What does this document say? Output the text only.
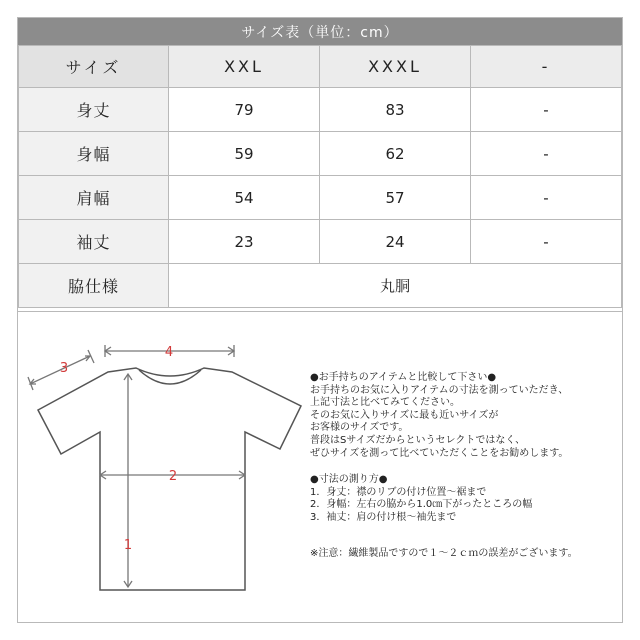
サイズ表（単位：cm）
サイズ	XXL	XXXL	-
身丈	79	83	-
身幅	59	62	-
肩幅	54	57	-
袖丈	23	24	-
脇仕様	丸胴		
4
2
1
3

●お手持ちのアイテムと比較して下さい●

お手持ちのお気に入りアイテムの寸法を測っていただき、

上記寸法と比べてみてください。

そのお気に入りサイズに最も近いサイズが

お客様のサイズです。

普段はSサイズだからというセレクトではなく、

ぜひサイズを測って比べていただくことをお勧めします。

●寸法の測り方●

1．身丈：襟のリブの付け位置～裾まで

2．身幅：左右の脇から1.0㎝下がったところの幅

3．袖丈：肩の付け根～袖先まで

※注意：繊維製品ですので１～２ｃｍの誤差がございます。
